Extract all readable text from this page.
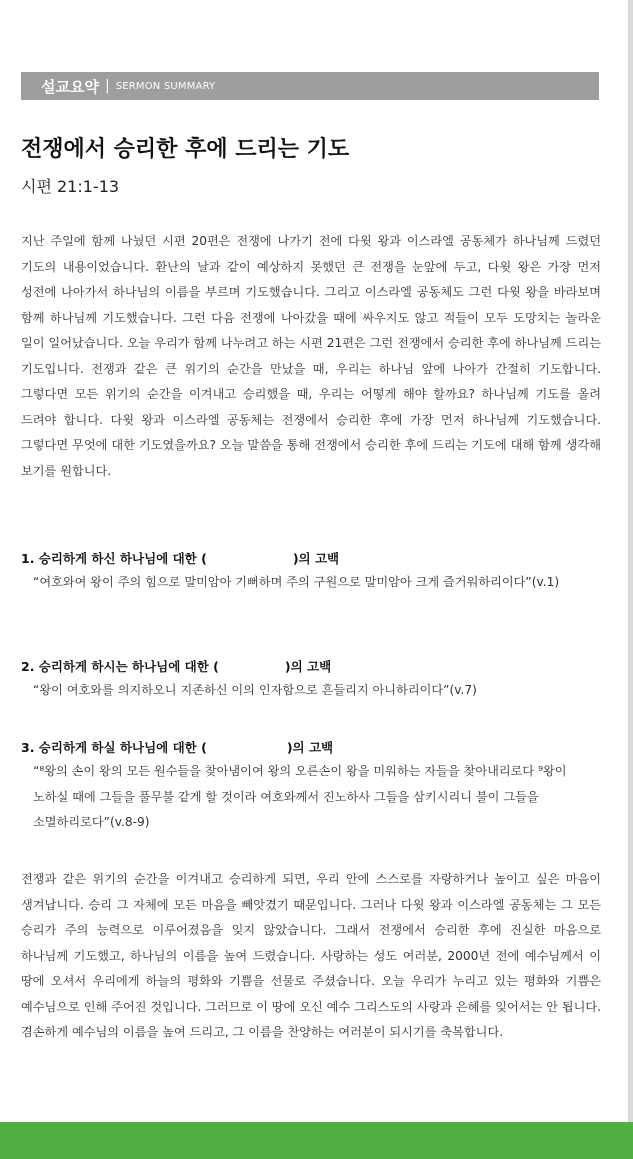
설교요약 | SERMON SUMMARY
전쟁에서 승리한 후에 드리는 기도
시편 21:1-13

지난 주일에 함께 나눴던 시편 20편은 전쟁에 나가기 전에 다윗 왕과 이스라엘 공동체가 하나님께 드렸던 기도의 내용이었습니다. 환난의 날과 같이 예상하지 못했던 큰 전쟁을 눈앞에 두고, 다윗 왕은 가장 먼저 성전에 나아가서 하나님의 이름을 부르며 기도했습니다. 그리고 이스라엘 공동체도 그런 다윗 왕을 바라보며 함께 하나님께 기도했습니다. 그런 다음 전쟁에 나아갔을 때에 싸우지도 않고 적들이 모두 도망치는 놀라운 일이 일어났습니다. 오늘 우리가 함께 나누려고 하는 시편 21편은 그런 전쟁에서 승리한 후에 하나님께 드리는 기도입니다. 전쟁과 같은 큰 위기의 순간을 만났을 때, 우리는 하나님 앞에 나아가 간절히 기도합니다. 그렇다면 모든 위기의 순간을 이겨내고 승리했을 때, 우리는 어떻게 해야 할까요? 하나님께 기도를 올려 드려야 합니다. 다윗 왕과 이스라엘 공동체는 전쟁에서 승리한 후에 가장 먼저 하나님께 기도했습니다. 그렇다면 무엇에 대한 기도였을까요? 오늘 말씀을 통해 전쟁에서 승리한 후에 드리는 기도에 대해 함께 생각해 보기를 원합니다.

1. 승리하게 하신 하나님에 대한 (	)의 고백

“여호와여 왕이 주의 힘으로 말미암아 기뻐하며 주의 구원으로 말미암아 크게 즐거워하리이다”(v.1)

2. 승리하게 하시는 하나님에 대한 (	)의 고백

“왕이 여호와를 의지하오니 지존하신 이의 인자함으로 흔들리지 아니하리이다”(v.7)

3. 승리하게 하실 하나님에 대한 (	)의 고백

“⁸왕의 손이 왕의 모든 원수들을 찾아냄이여 왕의 오른손이 왕을 미워하는 자들을 찾아내리로다 ⁹왕이 노하실 때에 그들을 풀무불 같게 할 것이라 여호와께서 진노하사 그들을 삼키시리니 불이 그들을 소멸하리로다”(v.8-9)

전쟁과 같은 위기의 순간을 이겨내고 승리하게 되면, 우리 안에 스스로를 자랑하거나 높이고 싶은 마음이 생겨납니다. 승리 그 자체에 모든 마음을 빼앗겼기 때문입니다. 그러나 다윗 왕과 이스라엘 공동체는 그 모든 승리가 주의 능력으로 이루어졌음을 잊지 않았습니다. 그래서 전쟁에서 승리한 후에 진실한 마음으로 하나님께 기도했고, 하나님의 이름을 높여 드렸습니다. 사랑하는 성도 여러분, 2000년 전에 예수님께서 이 땅에 오셔서 우리에게 하늘의 평화와 기쁨을 선물로 주셨습니다. 오늘 우리가 누리고 있는 평화와 기쁨은 예수님으로 인해 주어진 것입니다. 그러므로 이 땅에 오신 예수 그리스도의 사랑과 은혜를 잊어서는 안 됩니다. 겸손하게 예수님의 이름을 높여 드리고, 그 이름을 찬양하는 여러분이 되시기를 축복합니다.
